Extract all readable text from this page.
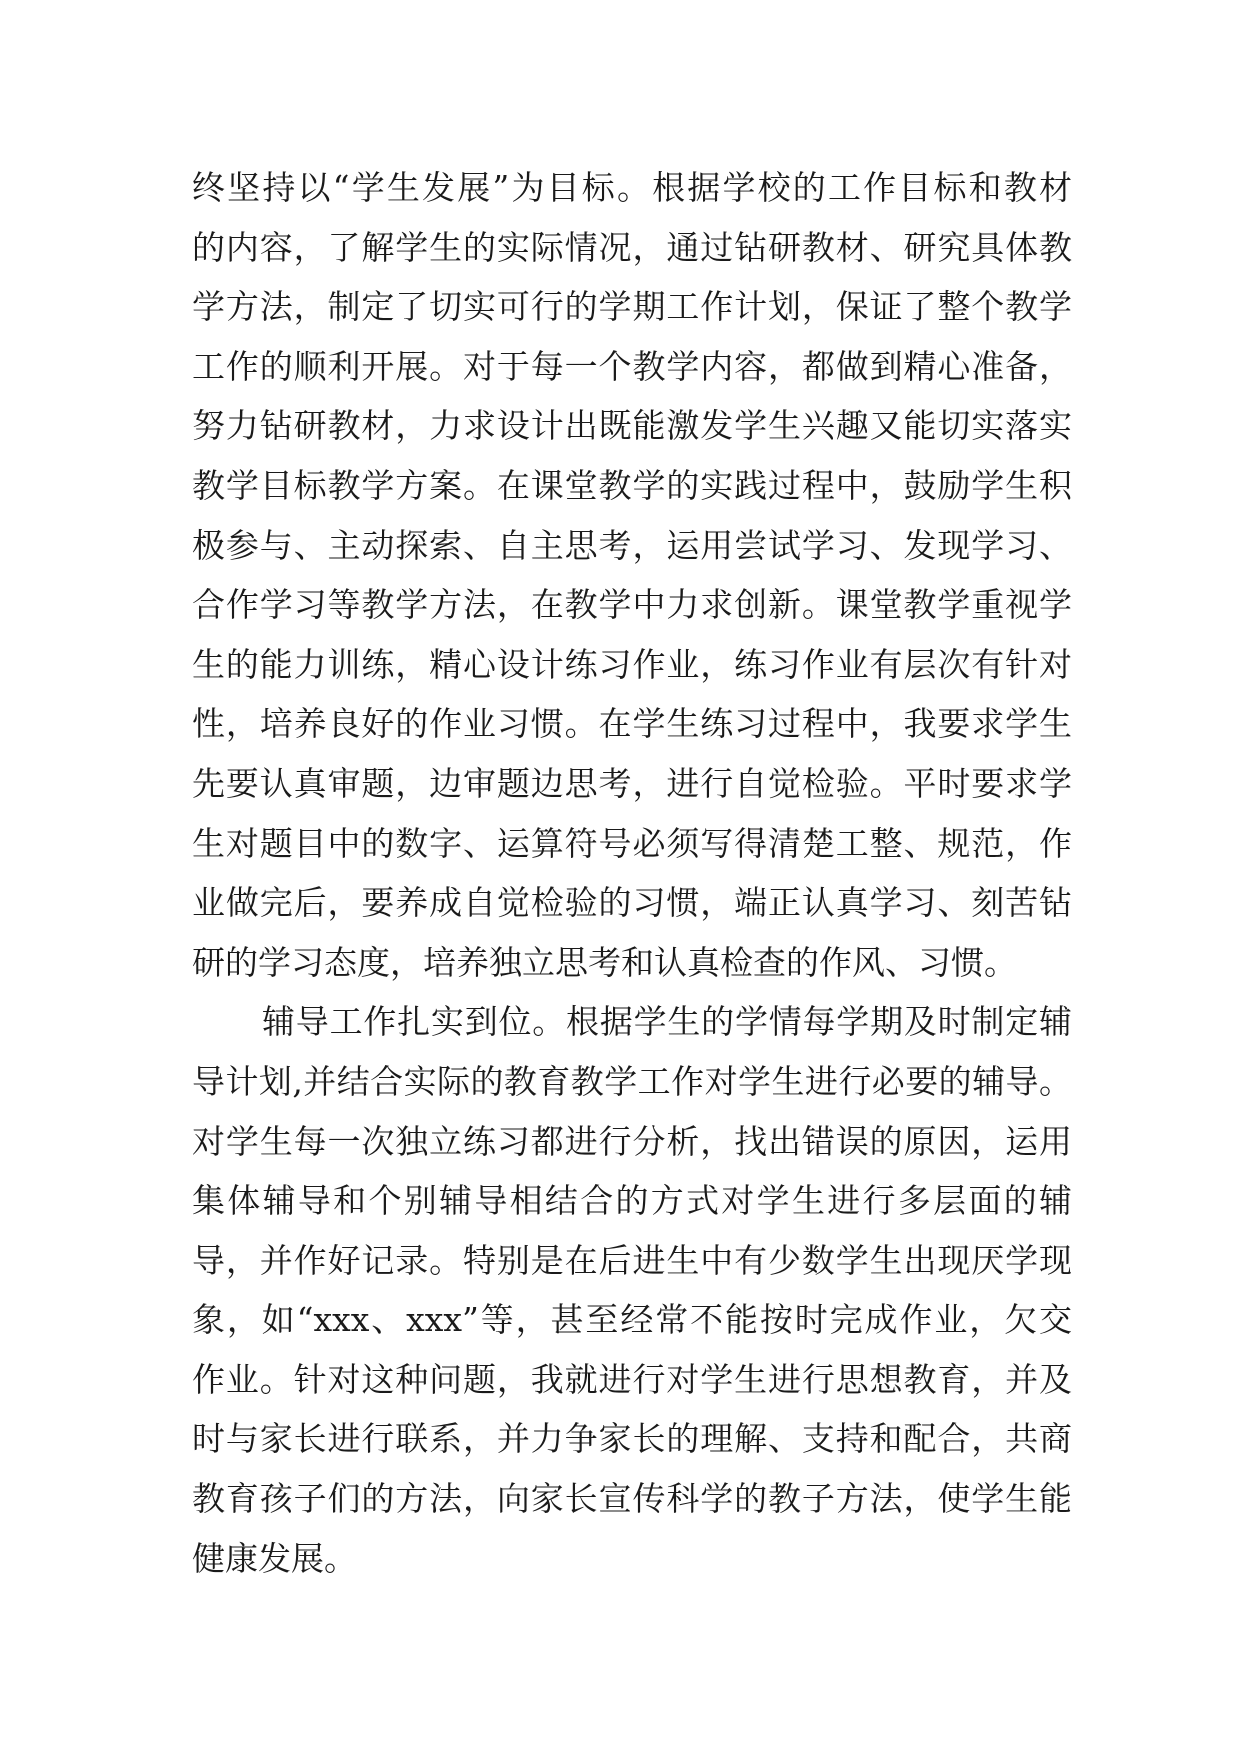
终坚持以“学生发展”为目标。根据学校的工作目标和教材
的内容，了解学生的实际情况，通过钻研教材、研究具体教
学方法，制定了切实可行的学期工作计划，保证了整个教学
工作的顺利开展。对于每一个教学内容，都做到精心准备，
努力钻研教材，力求设计出既能激发学生兴趣又能切实落实
教学目标教学方案。在课堂教学的实践过程中，鼓励学生积
极参与、主动探索、自主思考，运用尝试学习、发现学习、
合作学习等教学方法，在教学中力求创新。课堂教学重视学
生的能力训练，精心设计练习作业，练习作业有层次有针对
性，培养良好的作业习惯。在学生练习过程中，我要求学生
先要认真审题，边审题边思考，进行自觉检验。平时要求学
生对题目中的数字、运算符号必须写得清楚工整、规范，作
业做完后，要养成自觉检验的习惯，端正认真学习、刻苦钻
研的学习态度，培养独立思考和认真检查的作风、习惯。
辅导工作扎实到位。根据学生的学情每学期及时制定辅
导计划,并结合实际的教育教学工作对学生进行必要的辅导。
对学生每一次独立练习都进行分析，找出错误的原因，运用
集体辅导和个别辅导相结合的方式对学生进行多层面的辅
导，并作好记录。特别是在后进生中有少数学生出现厌学现
象，如“xxx、xxx”等，甚至经常不能按时完成作业，欠交
作业。针对这种问题，我就进行对学生进行思想教育，并及
时与家长进行联系，并力争家长的理解、支持和配合，共商
教育孩子们的方法，向家长宣传科学的教子方法，使学生能
健康发展。
